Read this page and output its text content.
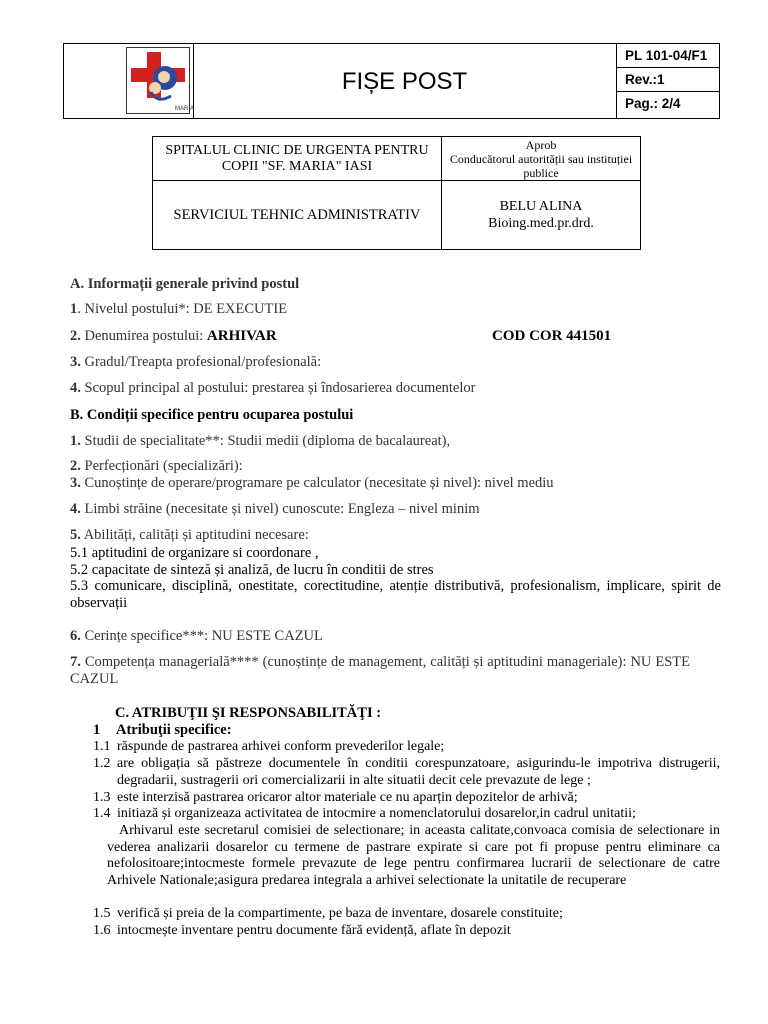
MARIA
FIȘE POST
PL 101-04/F1
Rev.:1
Pag.: 2/4
SPITALUL CLINIC DE URGENTA PENTRU COPII "SF. MARIA" IASI	Aprob
Conducătorul autorității sau instituției publice

SERVICIUL TEHNIC ADMINISTRATIV	BELU ALINA
Bioing.med.pr.drd.
A. Informații generale privind postul
1. Nivelul postului*: DE EXECUTIE
2. Denumirea postului: ARHIVAR	COD COR 441501
3. Gradul/Treapta profesional/profesională:
4. Scopul principal al postului: prestarea și îndosarierea documentelor
B. Condiții specifice pentru ocuparea postului
1. Studii de specialitate**: Studii medii (diploma de bacalaureat),
2. Perfecționări (specializări):
3. Cunoștințe de operare/programare pe calculator (necesitate și nivel): nivel mediu
4. Limbi străine (necesitate și nivel) cunoscute: Engleza – nivel minim
5. Abilități, calități și aptitudini necesare:
5.1 aptitudini de organizare si coordonare ,
5.2 capacitate de sinteză și analiză, de lucru în conditii de stres
5.3 comunicare, disciplină, onestitate, corectitudine, atenție distributivă, profesionalism, implicare, spirit de observații
6. Cerințe specifice***: NU ESTE CAZUL
7. Competența managerială**** (cunoștințe de management, calități și aptitudini manageriale): NU ESTE CAZUL
C. ATRIBUŢII ŞI RESPONSABILITĂŢI :
1 Atribuţii specifice:
1.1 răspunde de pastrarea arhivei conform prevederilor legale;
1.2 are obligația să păstreze documentele în conditii corespunzatoare, asigurindu-le impotriva distrugerii, degradarii, sustragerii ori comercializarii in alte situatii decit cele prevazute de lege ;
1.3 este interzisă pastrarea oricaror altor materiale ce nu aparțin depozitelor de arhivă;
1.4 initiază și organizeaza activitatea de intocmire a nomenclatorului dosarelor,in cadrul unitatii;
Arhivarul este secretarul comisiei de selectionare; in aceasta calitate,convoaca comisia de selectionare in vederea analizarii dosarelor cu termene de pastrare expirate si care pot fi propuse pentru eliminare ca nefolositoare;intocmeste formele prevazute de lege pentru confirmarea lucrarii de selectionare de catre Arhivele Nationale;asigura predarea integrala a arhivei selectionate la unitatile de recuperare
1.5 verifică și preia de la compartimente, pe baza de inventare, dosarele constituite;
1.6 intocmește inventare pentru documente fără evidență, aflate în depozit
